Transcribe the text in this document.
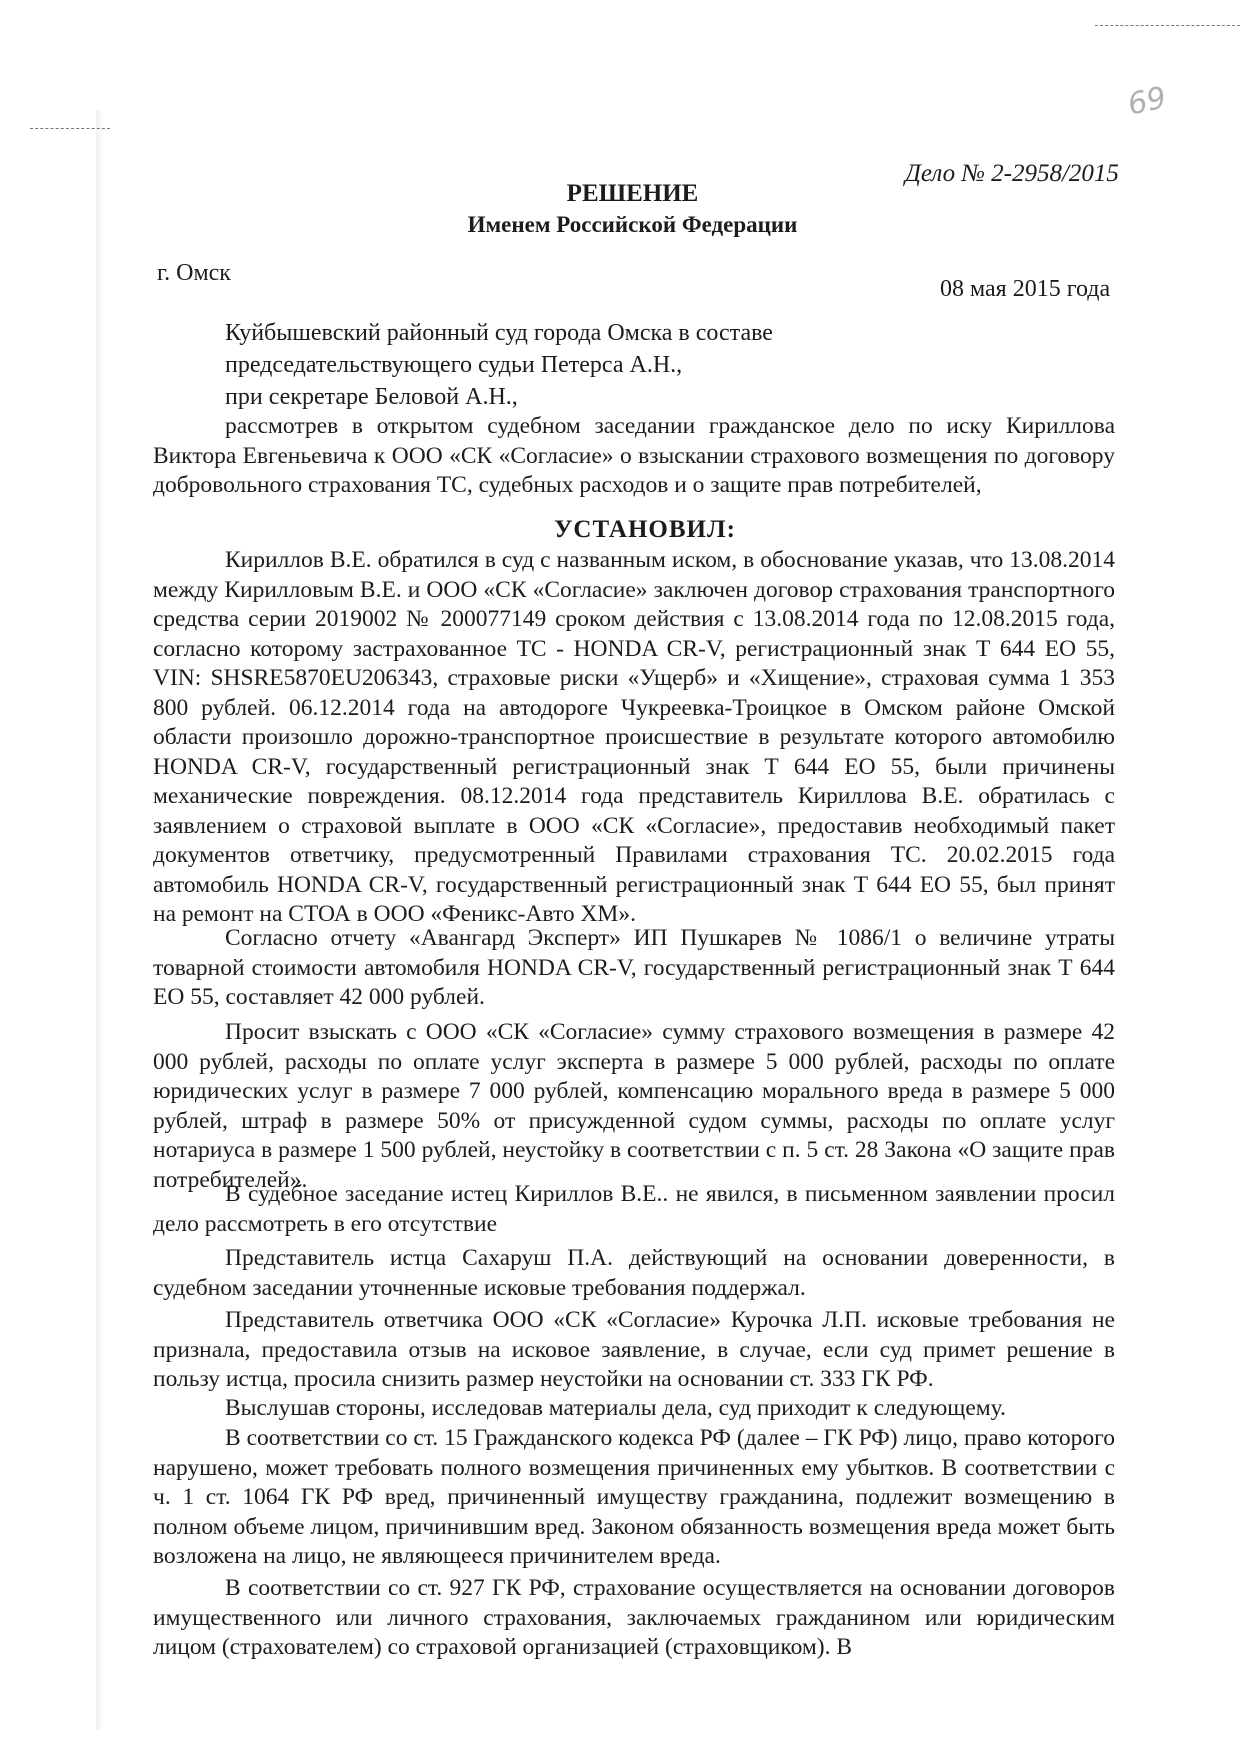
69
Дело № 2-2958/2015
РЕШЕНИЕ
Именем Российской Федерации
г. Омск
08 мая 2015 года
Куйбышевский районный суд города Омска в составе
председательствующего судьи Петерса А.Н.,
при секретаре Беловой А.Н.,

рассмотрев в открытом судебном заседании гражданское дело по иску Кириллова Виктора Евгеньевича к ООО «СК «Согласие» о взыскании страхового возмещения по договору добровольного страхования ТС, судебных расходов и о защите прав потребителей,

УСТАНОВИЛ:

Кириллов В.Е. обратился в суд с названным иском, в обоснование указав, что 13.08.2014 между Кирилловым В.Е. и ООО «СК «Согласие» заключен договор страхования транспортного средства серии 2019002 № 200077149 сроком действия с 13.08.2014 года по 12.08.2015 года, согласно которому застрахованное ТС - HONDA CR-V, регистрационный знак Т 644 ЕО 55, VIN: SHSRE5870EU206343, страховые риски «Ущерб» и «Хищение», страховая сумма 1 353 800 рублей. 06.12.2014 года на автодороге Чукреевка-Троицкое в Омском районе Омской области произошло дорожно-транспортное происшествие в результате которого автомобилю HONDA CR-V, государственный регистрационный знак Т 644 ЕО 55, были причинены механические повреждения. 08.12.2014 года представитель Кириллова В.Е. обратилась с заявлением о страховой выплате в ООО «СК «Согласие», предоставив необходимый пакет документов ответчику, предусмотренный Правилами страхования ТС. 20.02.2015 года автомобиль HONDA CR-V, государственный регистрационный знак Т 644 ЕО 55, был принят на ремонт на СТОА в ООО «Феникс-Авто ХМ».

Согласно отчету «Авангард Эксперт» ИП Пушкарев № 1086/1 о величине утраты товарной стоимости автомобиля HONDA CR-V, государственный регистрационный знак Т 644 ЕО 55, составляет 42 000 рублей.

Просит взыскать с ООО «СК «Согласие» сумму страхового возмещения в размере 42 000 рублей, расходы по оплате услуг эксперта в размере 5 000 рублей, расходы по оплате юридических услуг в размере 7 000 рублей, компенсацию морального вреда в размере 5 000 рублей, штраф в размере 50% от присужденной судом суммы, расходы по оплате услуг нотариуса в размере 1 500 рублей, неустойку в соответствии с п. 5 ст. 28 Закона «О защите прав потребителей».

В судебное заседание истец Кириллов В.Е.. не явился, в письменном заявлении просил дело рассмотреть в его отсутствие

Представитель истца Сахаруш П.А. действующий на основании доверенности, в судебном заседании уточненные исковые требования поддержал.

Представитель ответчика ООО «СК «Согласие» Курочка Л.П. исковые требования не признала, предоставила отзыв на исковое заявление, в случае, если суд примет решение в пользу истца, просила снизить размер неустойки на основании ст. 333 ГК РФ.

Выслушав стороны, исследовав материалы дела, суд приходит к следующему.

В соответствии со ст. 15 Гражданского кодекса РФ (далее – ГК РФ) лицо, право которого нарушено, может требовать полного возмещения причиненных ему убытков. В соответствии с ч. 1 ст. 1064 ГК РФ вред, причиненный имуществу гражданина, подлежит возмещению в полном объеме лицом, причинившим вред. Законом обязанность возмещения вреда может быть возложена на лицо, не являющееся причинителем вреда.

В соответствии со ст. 927 ГК РФ, страхование осуществляется на основании договоров имущественного или личного страхования, заключаемых гражданином или юридическим лицом (страхователем) со страховой организацией (страховщиком). В
